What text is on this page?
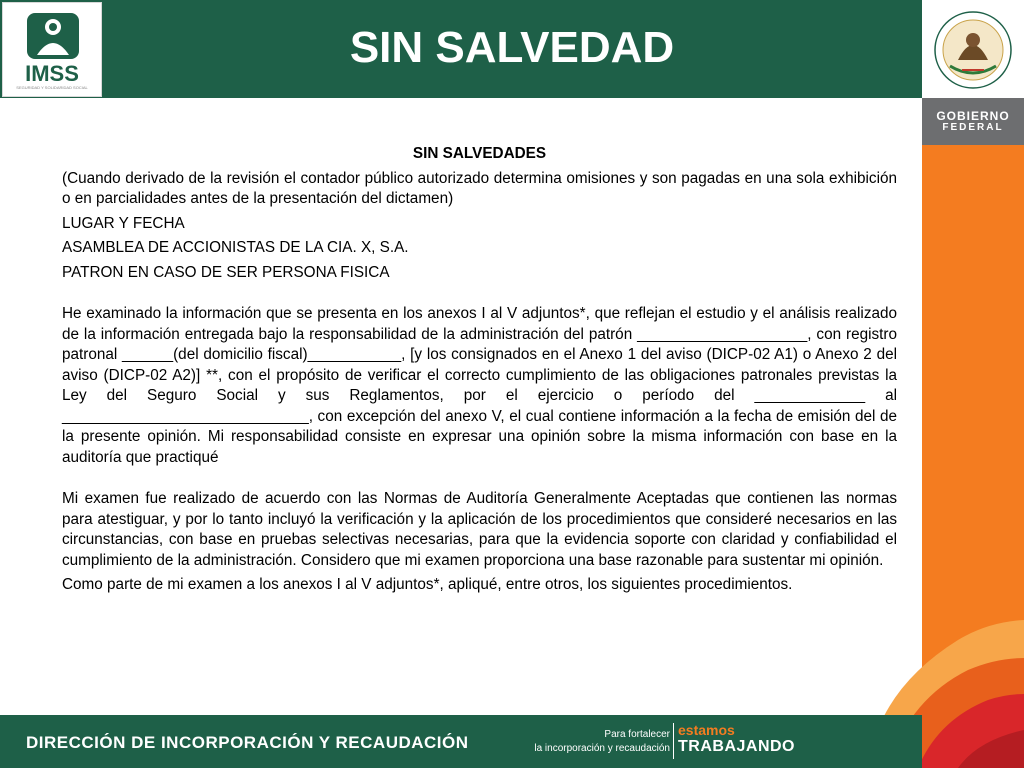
IMSS
SEGURIDAD Y SOLIDARIDAD SOCIAL
SIN SALVEDAD
GOBIERNO
FEDERAL

SIN SALVEDADES

(Cuando derivado de la revisión el contador público autorizado determina omisiones y son pagadas en una sola exhibición o en parcialidades antes de la presentación del dictamen)

LUGAR Y FECHA

ASAMBLEA DE ACCIONISTAS DE LA CIA. X, S.A.

PATRON EN CASO DE SER PERSONA FISICA

He examinado la información que se presenta en los anexos I al V adjuntos*, que reflejan el estudio y el análisis realizado de la información entregada bajo la responsabilidad de la administración del patrón ____________________, con registro patronal ______(del domicilio fiscal)___________, [y los consignados en el Anexo 1 del aviso (DICP-02 A1) o Anexo 2 del aviso (DICP-02 A2)] **, con el propósito de verificar el correcto cumplimiento de las obligaciones patronales previstas la Ley del Seguro Social y sus Reglamentos, por el ejercicio o período del _____________ al _____________________________, con excepción del anexo V, el cual contiene información a la fecha de emisión del de la presente opinión. Mi responsabilidad consiste en expresar una opinión sobre la misma información con base en la auditoría que practiqué

Mi examen fue realizado de acuerdo con las Normas de Auditoría Generalmente Aceptadas que contienen las normas para atestiguar, y por lo tanto incluyó la verificación y la aplicación de los procedimientos que consideré necesarios en las circunstancias, con base en pruebas selectivas necesarias, para que la evidencia soporte con claridad y confiabilidad el cumplimiento de la administración. Considero que mi examen proporciona una base razonable para sustentar mi opinión.

Como parte de mi examen a los anexos I al V adjuntos*, apliqué, entre otros, los siguientes procedimientos.

DIRECCIÓN DE INCORPORACIÓN Y RECAUDACIÓN	Para fortalecer
la incorporación y recaudación
estamos
TRABAJANDO
